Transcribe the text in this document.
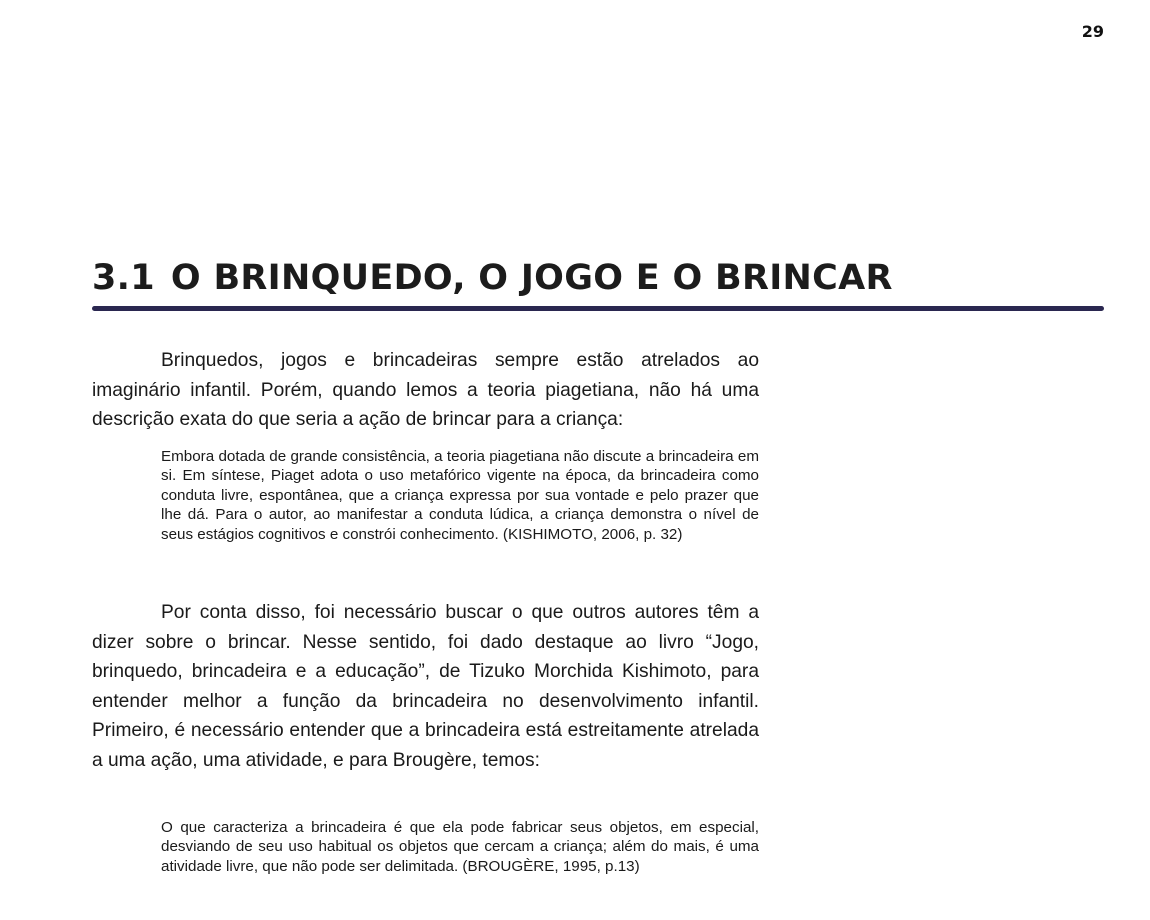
29
3.1 O BRINQUEDO, O JOGO E O BRINCAR

Brinquedos, jogos e brincadeiras sempre estão atrelados ao imaginário infantil. Porém, quando lemos a teoria piagetiana, não há uma descrição exata do que seria a ação de brincar para a criança:

Embora dotada de grande consistência, a teoria piagetiana não discute a brincadeira em si. Em síntese, Piaget adota o uso metafórico vigente na época, da brincadeira como conduta livre, espontânea, que a criança expressa por sua vontade e pelo prazer que lhe dá. Para o autor, ao manifestar a conduta lúdica, a criança demonstra o nível de seus estágios cognitivos e constrói conhecimento. (KISHIMOTO, 2006, p. 32)

Por conta disso, foi necessário buscar o que outros autores têm a dizer sobre o brincar. Nesse sentido, foi dado destaque ao livro “Jogo, brinquedo, brincadeira e a educação”, de Tizuko Morchida Kishimoto, para entender melhor a função da brincadeira no desenvolvimento infantil. Primeiro, é necessário entender que a brincadeira está estreitamente atrelada a uma ação, uma atividade, e para Brougère, temos:

O que caracteriza a brincadeira é que ela pode fabricar seus objetos, em especial, desviando de seu uso habitual os objetos que cercam a criança; além do mais, é uma atividade livre, que não pode ser delimitada. (BROUGÈRE, 1995, p.13)
